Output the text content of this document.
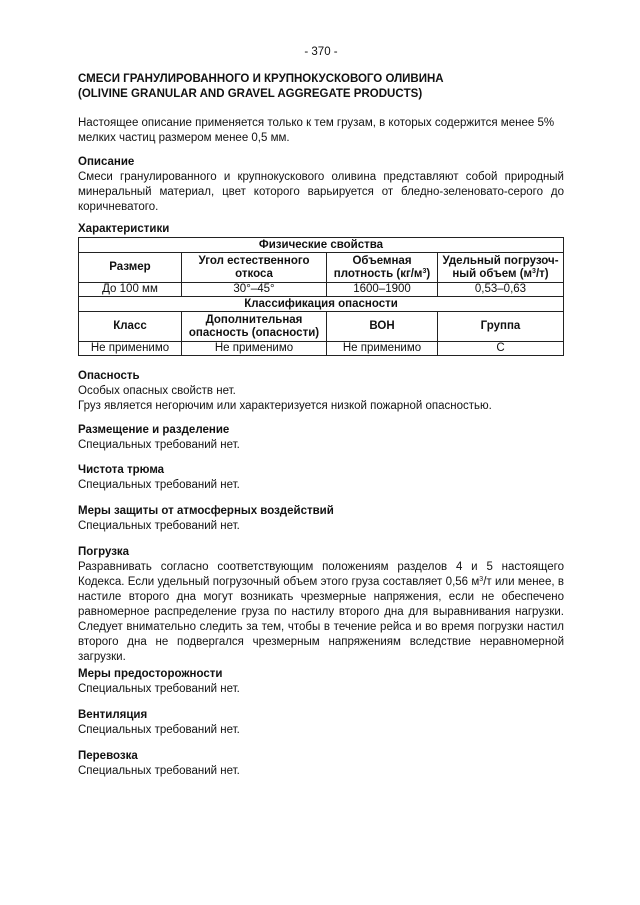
- 370 -
СМЕСИ ГРАНУЛИРОВАННОГО И КРУПНОКУСКОВОГО ОЛИВИНА
(OLIVINE GRANULAR AND GRAVEL AGGREGATE PRODUCTS)

Настоящее описание применяется только к тем грузам, в которых содержится менее 5% мелких частиц размером менее 0,5 мм.

Описание

Смеси гранулированного и крупнокускового оливина представляют собой природный минеральный материал, цвет которого варьируется от бледно-зеленовато-серого до коричневатого.

Характеристики
Физические свойства			
Размер	Угол естественного откоса	Объемная плотность $(кг/м^3)$	Удельный погрузоч-ный объем $(м^3/т)$
До 100 мм	30°–45°	1600–1900	0,53–0,63
Классификация опасности			
Класс	Дополнительная опасность (опасности)	ВОН	Группа
Не применимо	Не применимо	Не применимо	С
Опасность

Особых опасных свойств нет.

Груз является негорючим или характеризуется низкой пожарной опасностью.

Размещение и разделение

Специальных требований нет.

Чистота трюма

Специальных требований нет.

Меры защиты от атмосферных воздействий

Специальных требований нет.

Погрузка

Разравнивать согласно соответствующим положениям разделов 4 и 5 настоящего Кодекса. Если удельный погрузочный объем этого груза составляет 0,56 $м^3/т$ или менее, в настиле второго дна могут возникать чрезмерные напряжения, если не обеспечено равномерное распределение груза по настилу второго дна для выравнивания нагрузки. Следует внимательно следить за тем, чтобы в течение рейса и во время погрузки настил второго дна не подвергался чрезмерным напряжениям вследствие неравномерной загрузки.

Меры предосторожности

Специальных требований нет.

Вентиляция

Специальных требований нет.

Перевозка

Специальных требований нет.
